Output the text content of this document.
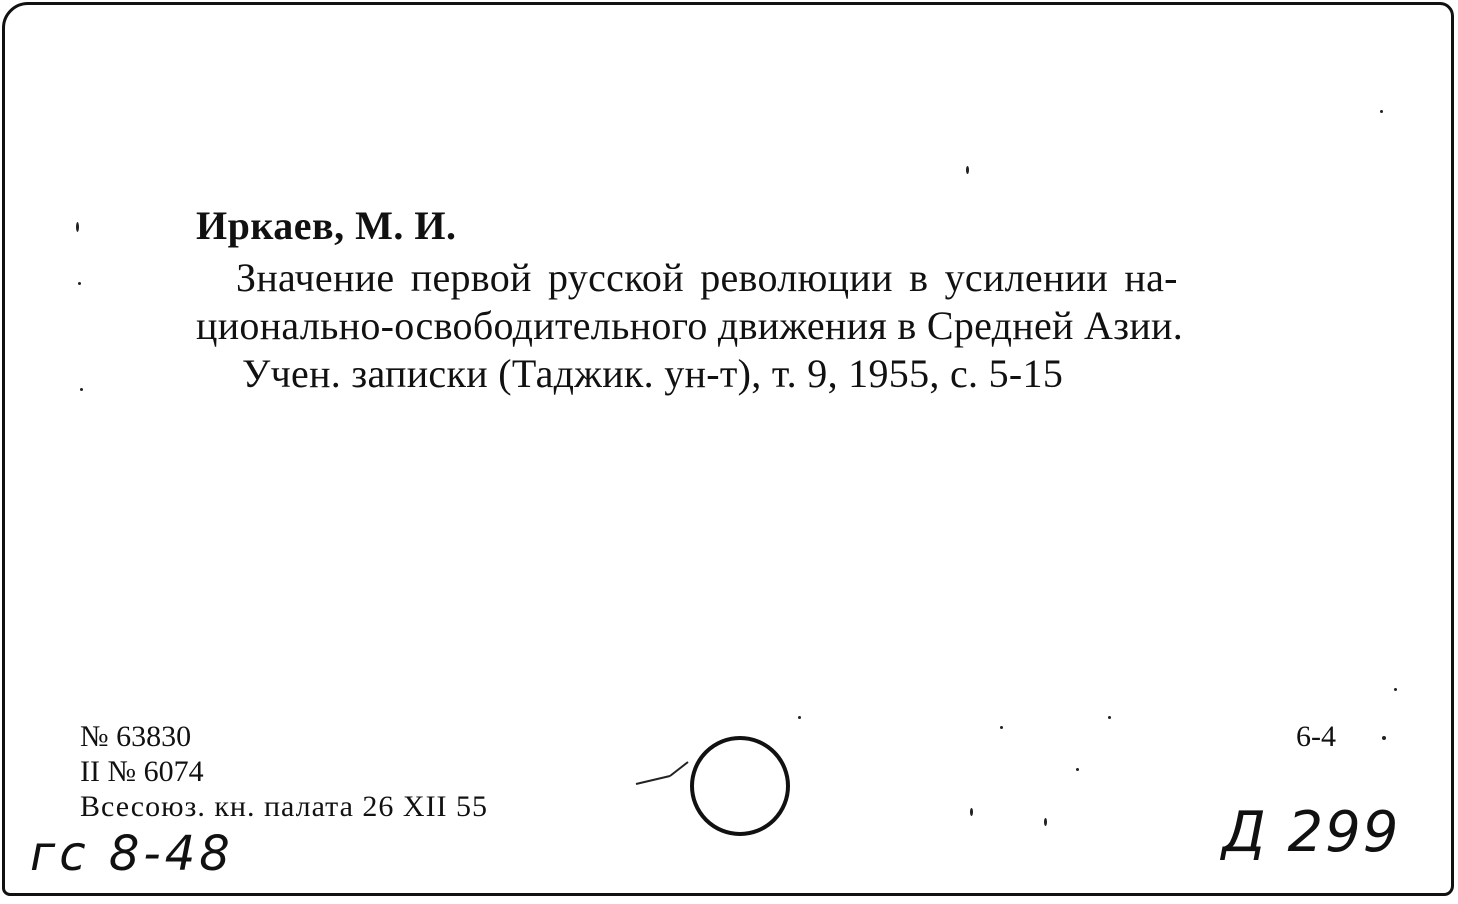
Иркаев, М. И.
Значение первой русской революции в усилении на-
ционально-освободительного движения в Средней Азии.
Учен. записки (Таджик. ун-т), т. 9, 1955, с. 5-15
№ 63830
II № 6074
Всесоюз. кн. палата 26 XII 55
6-4
гс 8-48	Д 299
